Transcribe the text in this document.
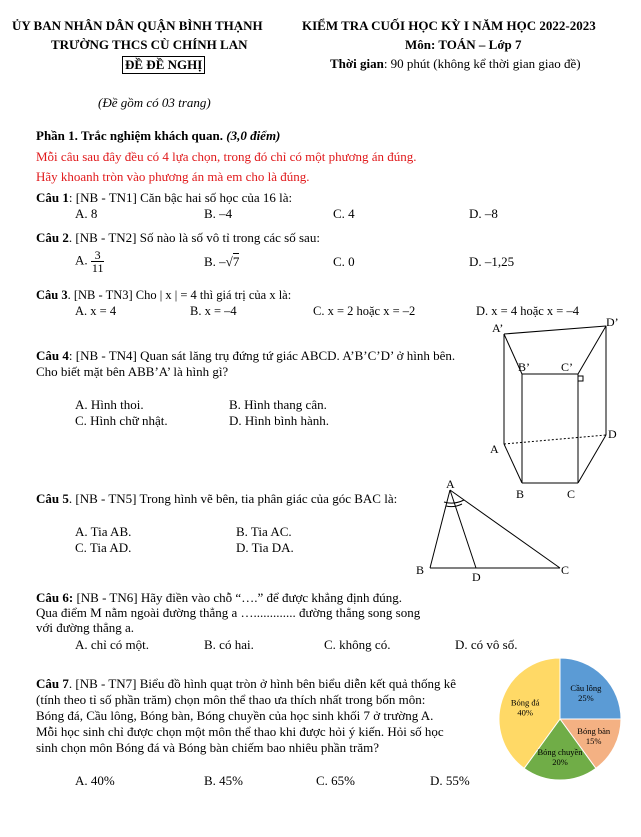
ỦY BAN NHÂN DÂN QUẬN BÌNH THẠNH
TRƯỜNG THCS CÙ CHÍNH LAN
ĐỀ ĐỀ NGHỊ
(Đề gồm có 03 trang)
KIỂM TRA CUỐI HỌC KỲ I NĂM HỌC 2022-2023
Môn: TOÁN – Lớp 7
Thời gian: 90 phút (không kể thời gian giao đề)
Phần 1. Trắc nghiệm khách quan. (3,0 điểm)
Mỗi câu sau đây đều có 4 lựa chọn, trong đó chỉ có một phương án đúng.
Hãy khoanh tròn vào phương án mà em cho là đúng.
Câu 1: [NB - TN1] Căn bậc hai số học của 16 là:
A. 8	B. –4	C. 4	D. –8
Câu 2. [NB - TN2] Số nào là số vô tỉ trong các số sau:
A. $\frac{3}{11}$	B. –√7	C. 0	D. –1,25
Câu 3. [NB - TN3] Cho | x | = 4 thì giá trị của x là:
A. x = 4	B. x = –4	C. x = 2 hoặc x = –2	D. x = 4 hoặc x = –4
Câu 4: [NB - TN4] Quan sát lăng trụ đứng tứ giác ABCD. A’B’C’D’ ở hình bên.
Cho biết mặt bên ABB’A’ là hình gì?
A. Hình thoi.	B. Hình thang cân.
C. Hình chữ nhật.	D. Hình bình hành.
A’	D’
B’	C’
A
D
B	C
Câu 5. [NB - TN5] Trong hình vẽ bên, tia phân giác của góc BAC là:
A. Tia AB.	B. Tia AC.
C. Tia AD.	D. Tia DA.
A
B	C
D
Câu 6: [NB - TN6] Hãy điền vào chỗ “….” để được khẳng định đúng.
Qua điểm M nằm ngoài đường thẳng a …............. đường thẳng song song
với đường thẳng a.
A. chỉ có một.	B. có hai.	C. không có.	D. có vô số.
Câu 7. [NB - TN7] Biểu đồ hình quạt tròn ở hình bên biểu diễn kết quả thống kê
(tính theo tỉ số phần trăm) chọn môn thể thao ưa thích nhất trong bốn môn:
Bóng đá, Cầu lông, Bóng bàn, Bóng chuyền của học sinh khối 7 ở trường A.
Mỗi học sinh chỉ được chọn một môn thể thao khi được hỏi ý kiến. Hỏi số học
sinh chọn môn Bóng đá và Bóng bàn chiếm bao nhiêu phần trăm?
A. 40%	B. 45%	C. 65%	D. 55%
Cầu lông
25%
Bóng bàn
15%
Bóng chuyền
20%
Bóng đá
40%
